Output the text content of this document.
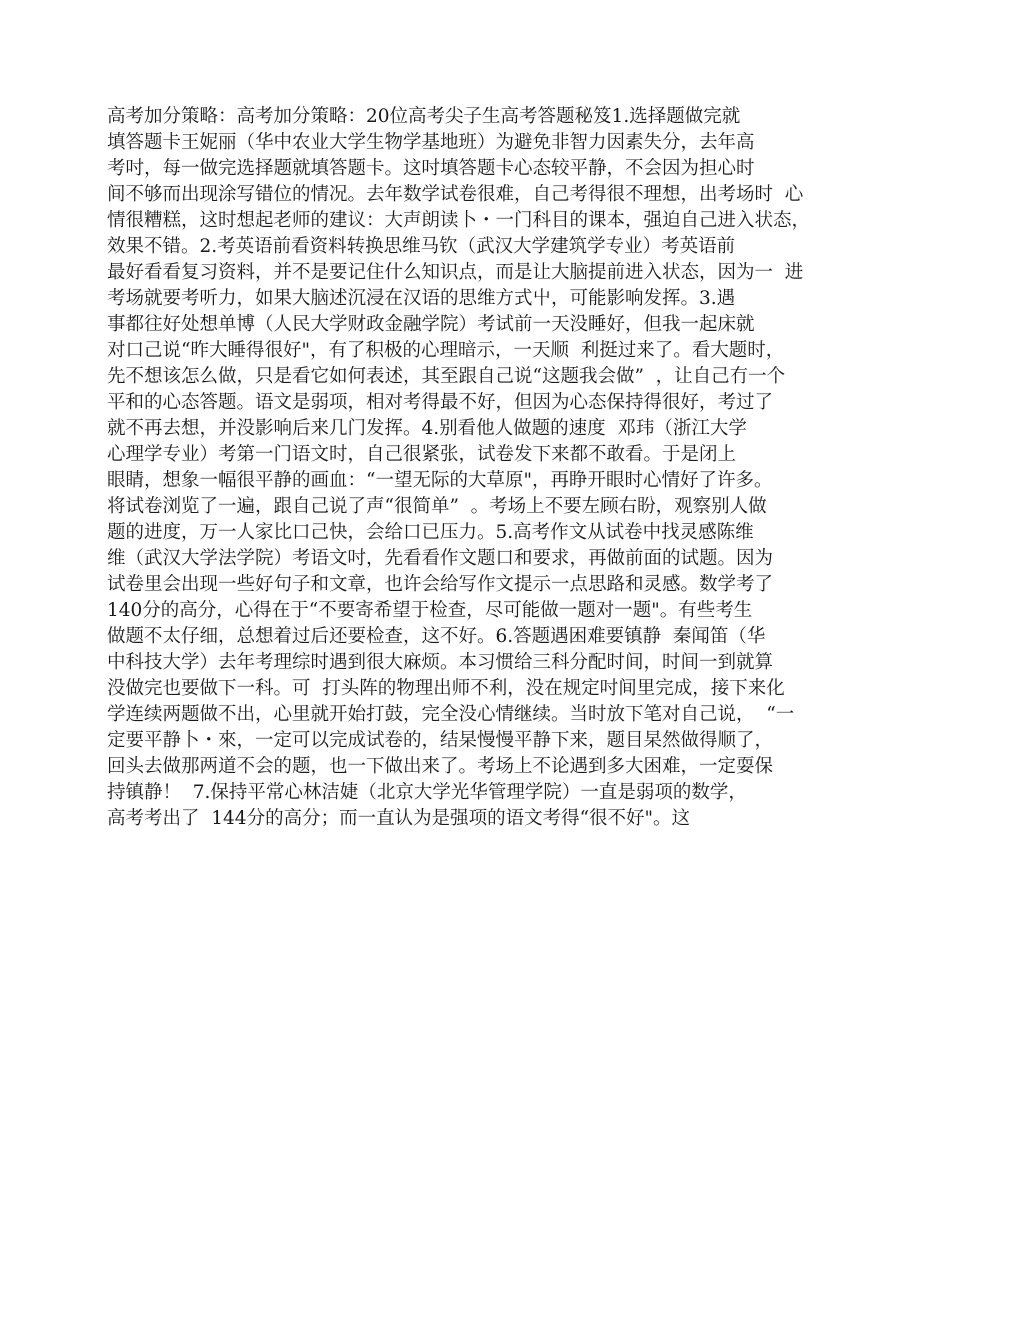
高考加分策略：高考加分策略：20位高考尖子生高考答题秘笈1.选择题做完就
填答题卡王妮丽（华中农业大学生物学基地班）为避免非智力因素失分，去年高
考吋，每一做完选择题就填答题卡。这吋填答题卡心态较平静，不会因为担心时
间不够而出现涂写错位的情况。去年数学试卷很难，自己考得很不理想，出考场时  心
情很糟糕，这时想起老师的建议：大声朗读卜・一门科目的课本，强迫自己进入状态，
效果不错。2.考英语前看资料转换思维马钦（武汉大学建筑学专业）考英语前
最好看看复习资料，并不是要记住什么知识点，而是让大脑提前进入状态，因为一  进
考场就要考听力，如果大脑述沉浸在汉语的思维方式屮，可能影响发挥。3.遇
事都往好处想单博（人民大学财政金融学院）考试前一天没睡好，但我一起床就
对口己说“昨大睡得很好"，有了积极的心理暗示，一天顺  利挺过来了。看大题时，
先不想该怎么做，只是看它如何表述，其至跟自己说“这题我会做”  ，让自己冇一个
平和的心态答题。语文是弱项，相对考得最不好，但因为心态保持得很好，考过了
就不再去想，并没影响后来几门发挥。4.别看他人做题的速度  邓玮（浙江大学
心理学专业）考第一门语文时，自己很紧张，试卷发下来都不敢看。于是闭上
眼睛，想象一幅很平静的画血：“一望无际的大草原"，再睁开眼时心情好了许多。
将试卷浏览了一遍，跟自己说了声“很简单”  。考场上不要左顾右盼，观察别人做
题的进度，万一人家比口己快，会给口已压力。5.高考作文从试卷中找灵感陈维
维（武汉大学法学院）考语文吋，先看看作文题口和要求，再做前面的试题。因为
试卷里会出现一些好句子和文章，也许会给写作文提示一点思路和灵感。数学考了
140分的高分，心得在于“不要寄希望于检查，尽可能做一题对一题"。有些考生
做题不太仔细，总想着过后还要检查，这不好。6.答题遇困难要镇静  秦闻笛（华
中科技大学）去年考理综时遇到很大麻烦。本习惯给三科分配时间，时间一到就算
没做完也要做下一科。可  打头阵的物理出师不利，没在规定吋间里完成，接下来化
学连续两题做不出，心里就开始打鼓，完全没心情继续。当时放下笔对自己说，  “一
定要平静卜・來，一定可以完成试卷的，结杲慢慢平静下来，题目杲然做得顺了，
回头去做那两道不会的题，也一下做出来了。考场上不论遇到多大困难，一定耍保
持镇静！  7.保持平常心林洁婕（北京大学光华管理学院）一直是弱项的数学，
高考考出了  144分的高分；而一直认为是强项的语文考得“很不好"。这
